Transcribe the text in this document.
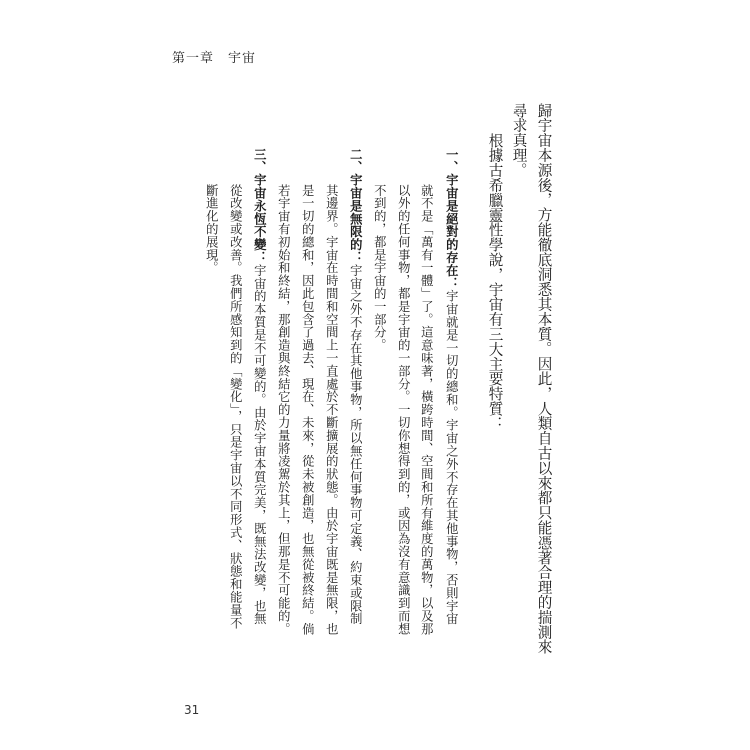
第一章　宇宙
歸宇宙本源後，方能徹底洞悉其本質。因此，人類自古以來都只能憑著合理的揣測來
尋求真理。
根據古希臘靈性學說，宇宙有三大主要特質：
一、宇宙是絕對的存在：宇宙就是一切的總和。宇宙之外不存在其他事物，否則宇宙
就不是「萬有一體」了。這意味著，橫跨時間、空間和所有維度的萬物，以及那
以外的任何事物，都是宇宙的一部分。一切你想得到的，或因為沒有意識到而想
不到的，都是宇宙的一部分。
二、宇宙是無限的：宇宙之外不存在其他事物，所以無任何事物可定義、約束或限制
其邊界。宇宙在時間和空間上一直處於不斷擴展的狀態。由於宇宙既是無限，也
是一切的總和，因此包含了過去、現在、未來，從未被創造，也無從被終結。倘
若宇宙有初始和終結，那創造與終結它的力量將凌駕於其上，但那是不可能的。
三、宇宙永恆不變：宇宙的本質是不可變的。由於宇宙本質完美，既無法改變，也無
從改變或改善。我們所感知到的「變化」，只是宇宙以不同形式、狀態和能量不
斷進化的展現。
31
